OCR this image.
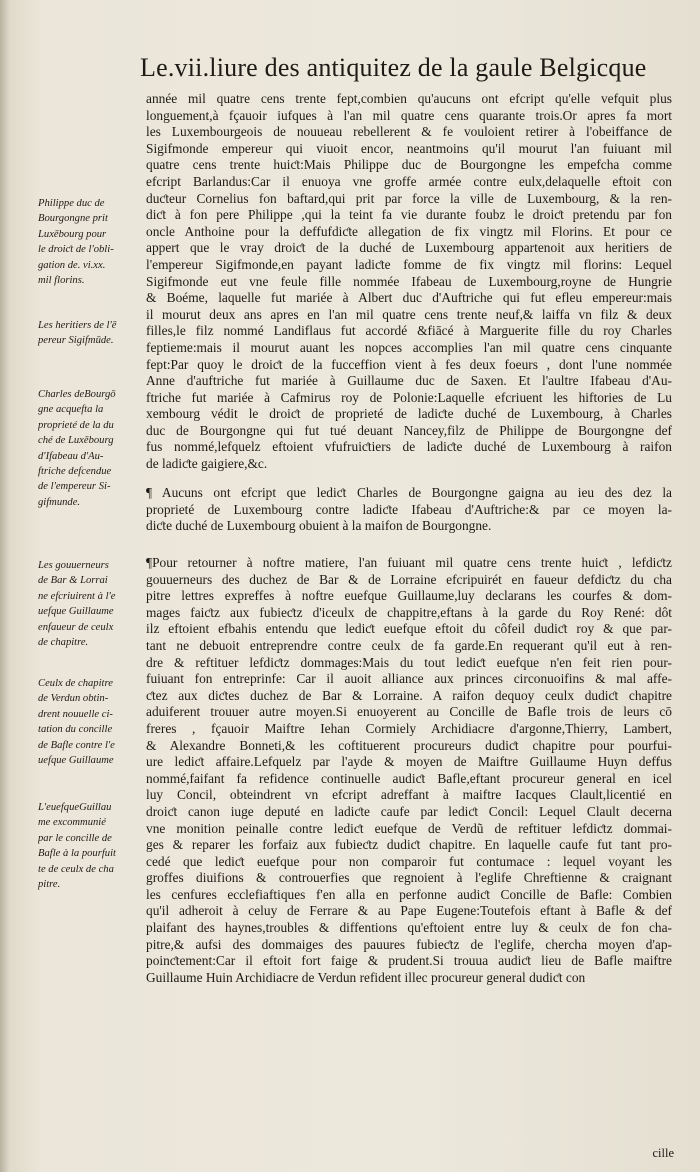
Le.vii.liure des antiquitez de la gaule Belgicque
année mil quatre cens trente fept,combien qu'aucuns ont efcript qu'elle vefquit plus
longuement,à fçauoir iufques à l'an mil quatre cens quarante trois.Or apres fa mort
les Luxembourgeois de nouueau rebellerent & fe vouloient retirer à l'obeiffance de
Sigifmonde empereur qui viuoit encor, neantmoins qu'il mourut l'an fuiuant mil
quatre cens trente huiƈt:Mais Philippe duc de Bourgongne les empefcha comme
efcript Barlandus:Car il enuoya vne groffe armée contre eulx,delaquelle eftoit con
duƈteur Cornelius fon baftard,qui prit par force la ville de Luxembourg, & la ren-
diƈt à fon pere Philippe ,qui la teint fa vie durante foubz le droiƈt pretendu par fon
oncle Anthoine pour la deffufdiƈte allegation de fix vingtz mil Florins. Et pour ce
appert que le vray droiƈt de la duché de Luxembourg appartenoit aux heritiers de
l'empereur Sigifmonde,en payant ladiƈte fomme de fix vingtz mil florins: Lequel
Sigifmonde eut vne feule fille nommée Ifabeau de Luxembourg,royne de Hungrie
& Boéme, laquelle fut mariée à Albert duc d'Auftriche qui fut efleu empereur:mais
il mourut deux ans apres en l'an mil quatre cens trente neuf,& laiffa vn filz & deux
filles,le filz nommé Landiflaus fut accordé &fiācé à Marguerite fille du roy Charles
feptieme:mais il mourut auant les nopces accomplies l'an mil quatre cens cinquante
fept:Par quoy le droiƈt de la fucceffion vient à fes deux foeurs , dont l'une nommée
Anne d'auftriche fut mariée à Guillaume duc de Saxen. Et l'aultre Ifabeau d'Au-
ftriche fut mariée à Cafmirus roy de Polonie:Laquelle efcriuent les hiftories de Lu
xembourg védit le droiƈt de proprieté de ladiƈte duché de Luxembourg, à Charles
duc de Bourgongne qui fut tué deuant Nancey,filz de Philippe de Bourgongne def
fus nommé,lefquelz eftoient vfufruiƈtiers de ladiƈte duché de Luxembourg à raifon
de ladiƈte gaigiere,&c.
¶ Aucuns ont efcript que lediƈt Charles de Bourgongne gaigna au ieu des dez la
proprieté de Luxembourg contre ladiƈte Ifabeau d'Auftriche:& par ce moyen la-
diƈte duché de Luxembourg obuient à la maifon de Bourgongne.
¶Pour retourner à noftre matiere, l'an fuiuant mil quatre cens trente huiƈt , lefdiƈtz
gouuerneurs des duchez de Bar & de Lorraine efcripuirét en faueur defdiƈtz du cha
pitre lettres expreffes à noftre euefque Guillaume,luy declarans les courfes & dom-
mages faiƈtz aux fubieƈtz d'iceulx de chappitre,eftans à la garde du Roy René: dôt
ilz eftoient efbahis entendu que lediƈt euefque eftoit du côfeil dudiƈt roy & que par-
tant ne debuoit entreprendre contre ceulx de fa garde.En requerant qu'il eut à ren-
dre & reftituer lefdiƈtz dommages:Mais du tout lediƈt euefque n'en feit rien pour-
fuiuant fon entreprinfe: Car il auoit alliance aux princes circonuoifins & mal affe-
ƈtez aux diƈtes duchez de Bar & Lorraine. A raifon dequoy ceulx dudiƈt chapitre
aduiferent trouuer autre moyen.Si enuoyerent au Concille de Bafle trois de leurs cō
freres , fçauoir Maiftre Iehan Cormiely Archidiacre d'argonne,Thierry, Lambert,
& Alexandre Bonneti,& les coftituerent procureurs dudiƈt chapitre pour pourfui-
ure lediƈt affaire.Lefquelz par l'ayde & moyen de Maiftre Guillaume Huyn deffus
nommé,faifant fa refidence continuelle audiƈt Bafle,eftant procureur general en icel
luy Concil, obteindrent vn efcript adreffant à maiftre Iacques Clault,licentié en
droiƈt canon iuge deputé en ladiƈte caufe par lediƈt Concil: Lequel Clault decerna
vne monition peinalle contre lediƈt euefque de Verdũ de reftituer lefdiƈtz dommai-
ges & reparer les forfaiz aux fubieƈtz dudiƈt chapitre. En laquelle caufe fut tant pro-
cedé que lediƈt euefque pour non comparoir fut contumace : lequel voyant les
groffes diuifions & controuerfies que regnoient à l'eglife Chreftienne & craignant
les cenfures ecclefiaftiques f'en alla en perfonne audiƈt Concille de Bafle: Combien
qu'il adheroit à celuy de Ferrare & au Pape Eugene:Toutefois eftant à Bafle & def
plaifant des haynes,troubles & diffentions qu'eftoient entre luy & ceulx de fon cha-
pitre,& aufsi des dommaiges des pauures fubieƈtz de l'eglife, chercha moyen d'ap-
poinƈtement:Car il eftoit fort faige & prudent.Si trouua audiƈt lieu de Bafle maiftre
Guillaume Huin Archidiacre de Verdun refident illec procureur general dudiƈt con
Philippe duc de
Bourgongne prit
Luxēbourg pour
le droiƈt de l'obli-
gation de. vi.xx.
mil florins.
Les heritiers de l'ē
pereur Sigifmūde.
Charles deBourgō
gne acquefta la
proprieté de la du
ché de Luxēbourg
d'Ifabeau d'Au-
ftriche defcendue
de l'empereur Si-
gifmunde.
Les gouuerneurs
de Bar & Lorrai
ne efcriuirent à l'e
uefque Guillaume
enfaueur de ceulx
de chapitre.
Ceulx de chapitre
de Verdun obtin-
drent nouuelle ci-
tation du concille
de Bafle contre l'e
uefque Guillaume
L'euefqueGuillau
me excommunié
par le concille de
Bafle à la pourfuit
te de ceulx de cha
pitre.
cille
